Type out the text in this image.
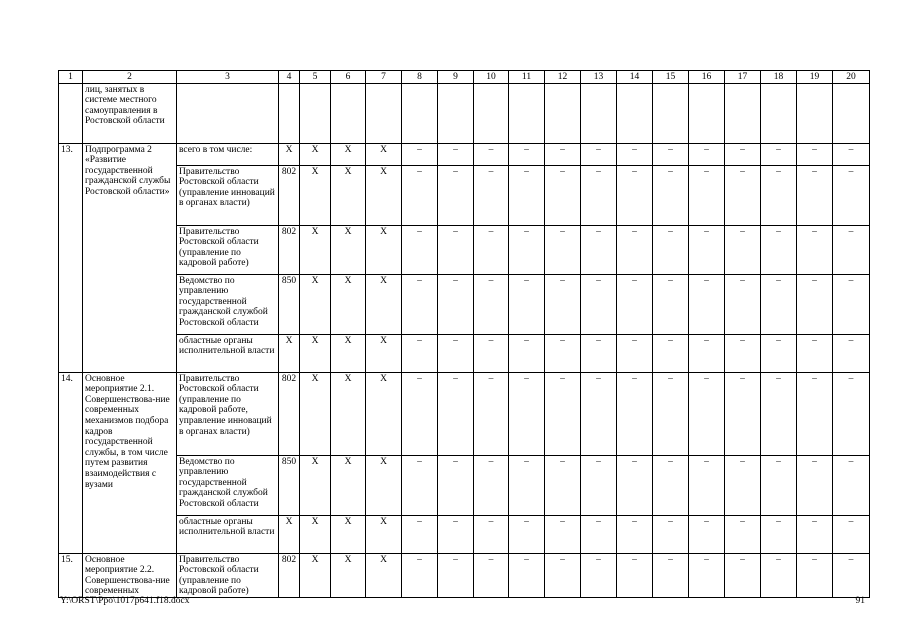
1	2	3	4	5	6	7	8	9	10	11	12	13	14	15	16	17	18	19	20
	лиц, занятых в системе местного самоуправления в Ростовской области																		
13.	Подпрограмма 2 «Развитие государственной гражданской службы Ростовской области»	всего в том числе:	Х	Х	Х	Х	–	–	–	–	–	–	–	–	–	–	–	–	–
		Правительство Ростовской области (управление инноваций в органах власти)	802	Х	Х	Х	–	–	–	–	–	–	–	–	–	–	–	–	–
		Правительство Ростовской области (управление по кадровой работе)	802	Х	Х	Х	–	–	–	–	–	–	–	–	–	–	–	–	–
		Ведомство по управлению государственной гражданской службой Ростовской области	850	Х	Х	Х	–	–	–	–	–	–	–	–	–	–	–	–	–
		областные органы исполнительной власти	Х	Х	Х	Х	–	–	–	–	–	–	–	–	–	–	–	–	–
14.	Основное мероприятие 2.1. Совершенствова-ние современных механизмов подбора кадров государственной службы, в том числе путем развития взаимодействия с вузами	Правительство Ростовской области (управление по кадровой работе, управление инноваций в органах власти)	802	Х	Х	Х	–	–	–	–	–	–	–	–	–	–	–	–	–
		Ведомство по управлению государственной гражданской службой Ростовской области	850	Х	Х	Х	–	–	–	–	–	–	–	–	–	–	–	–	–
		областные органы исполнительной власти	Х	Х	Х	Х	–	–	–	–	–	–	–	–	–	–	–	–	–
15.	Основное мероприятие 2.2. Совершенствова-ние современных	Правительство Ростовской области (управление по кадровой работе)	802	Х	Х	Х	–	–	–	–	–	–	–	–	–	–	–	–	–
Y:\ORST\Ppo\1017p641.f18.docx	91
